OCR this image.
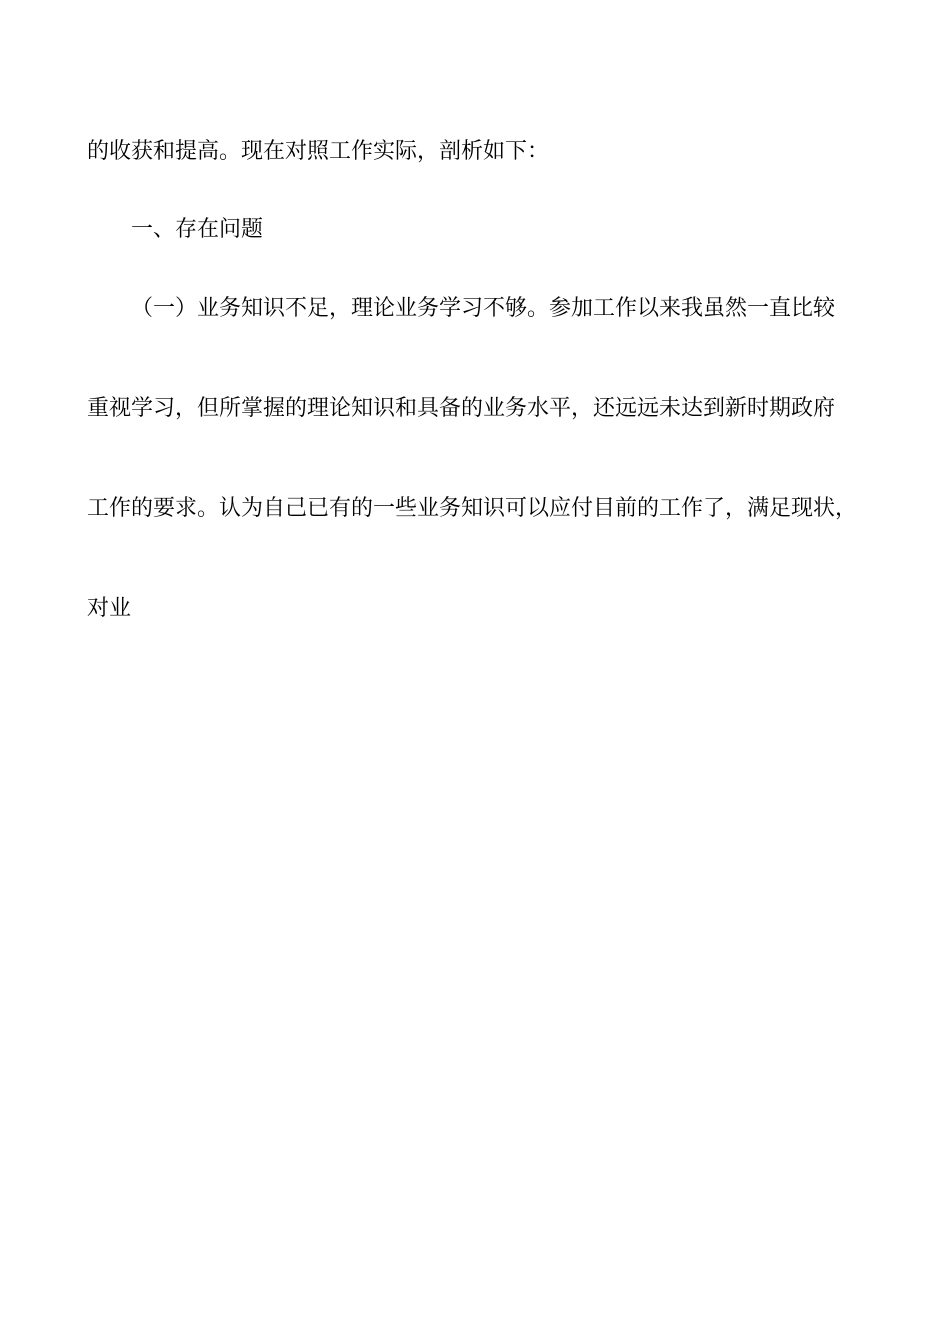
的收获和提高。现在对照工作实际，剖析如下：
一、存在问题
（一）业务知识不足，理论业务学习不够。参加工作以来我虽然一直比较
重视学习，但所掌握的理论知识和具备的业务水平，还远远未达到新时期政府
工作的要求。认为自己已有的一些业务知识可以应付目前的工作了，满足现状，
对业
